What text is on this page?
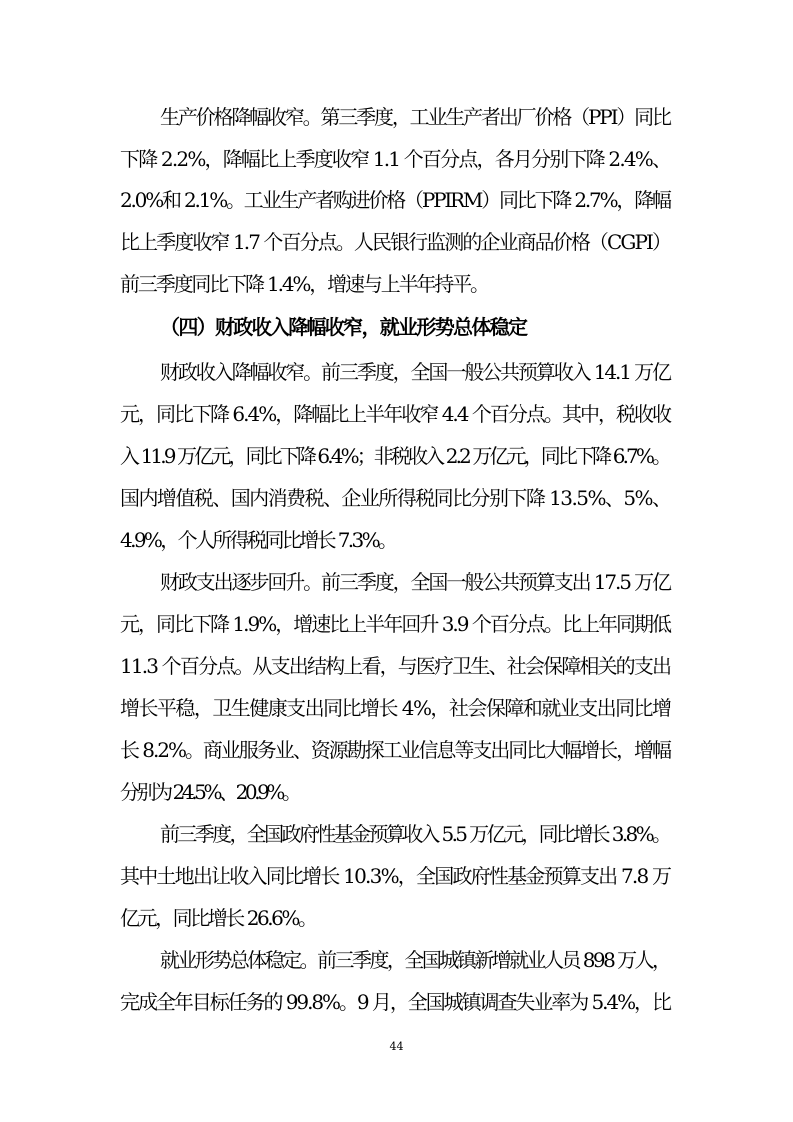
生产价格降幅收窄。第三季度，工业生产者出厂价格（PPI）同比
下降 2.2%，降幅比上季度收窄 1.1 个百分点，各月分别下降 2.4%、
2.0%和 2.1%。工业生产者购进价格（PPIRM）同比下降 2.7%，降幅
比上季度收窄 1.7 个百分点。人民银行监测的企业商品价格（CGPI）
前三季度同比下降 1.4%，增速与上半年持平。
（四）财政收入降幅收窄，就业形势总体稳定
财政收入降幅收窄。前三季度，全国一般公共预算收入 14.1 万亿
元，同比下降 6.4%，降幅比上半年收窄 4.4 个百分点。其中，税收收
入 11.9 万亿元，同比下降 6.4%；非税收入 2.2 万亿元，同比下降 6.7%。
国内增值税、国内消费税、企业所得税同比分别下降 13.5%、5%、
4.9%，个人所得税同比增长 7.3%。
财政支出逐步回升。前三季度，全国一般公共预算支出 17.5 万亿
元，同比下降 1.9%，增速比上半年回升 3.9 个百分点。比上年同期低
11.3 个百分点。从支出结构上看，与医疗卫生、社会保障相关的支出
增长平稳，卫生健康支出同比增长 4%，社会保障和就业支出同比增
长 8.2%。商业服务业、资源勘探工业信息等支出同比大幅增长，增幅
分别为 24.5%、20.9%。
前三季度，全国政府性基金预算收入 5.5 万亿元，同比增长 3.8%。
其中土地出让收入同比增长 10.3%，全国政府性基金预算支出 7.8 万
亿元，同比增长 26.6%。
就业形势总体稳定。前三季度，全国城镇新增就业人员 898 万人，
完成全年目标任务的 99.8%。9 月，全国城镇调查失业率为 5.4%，比
44
